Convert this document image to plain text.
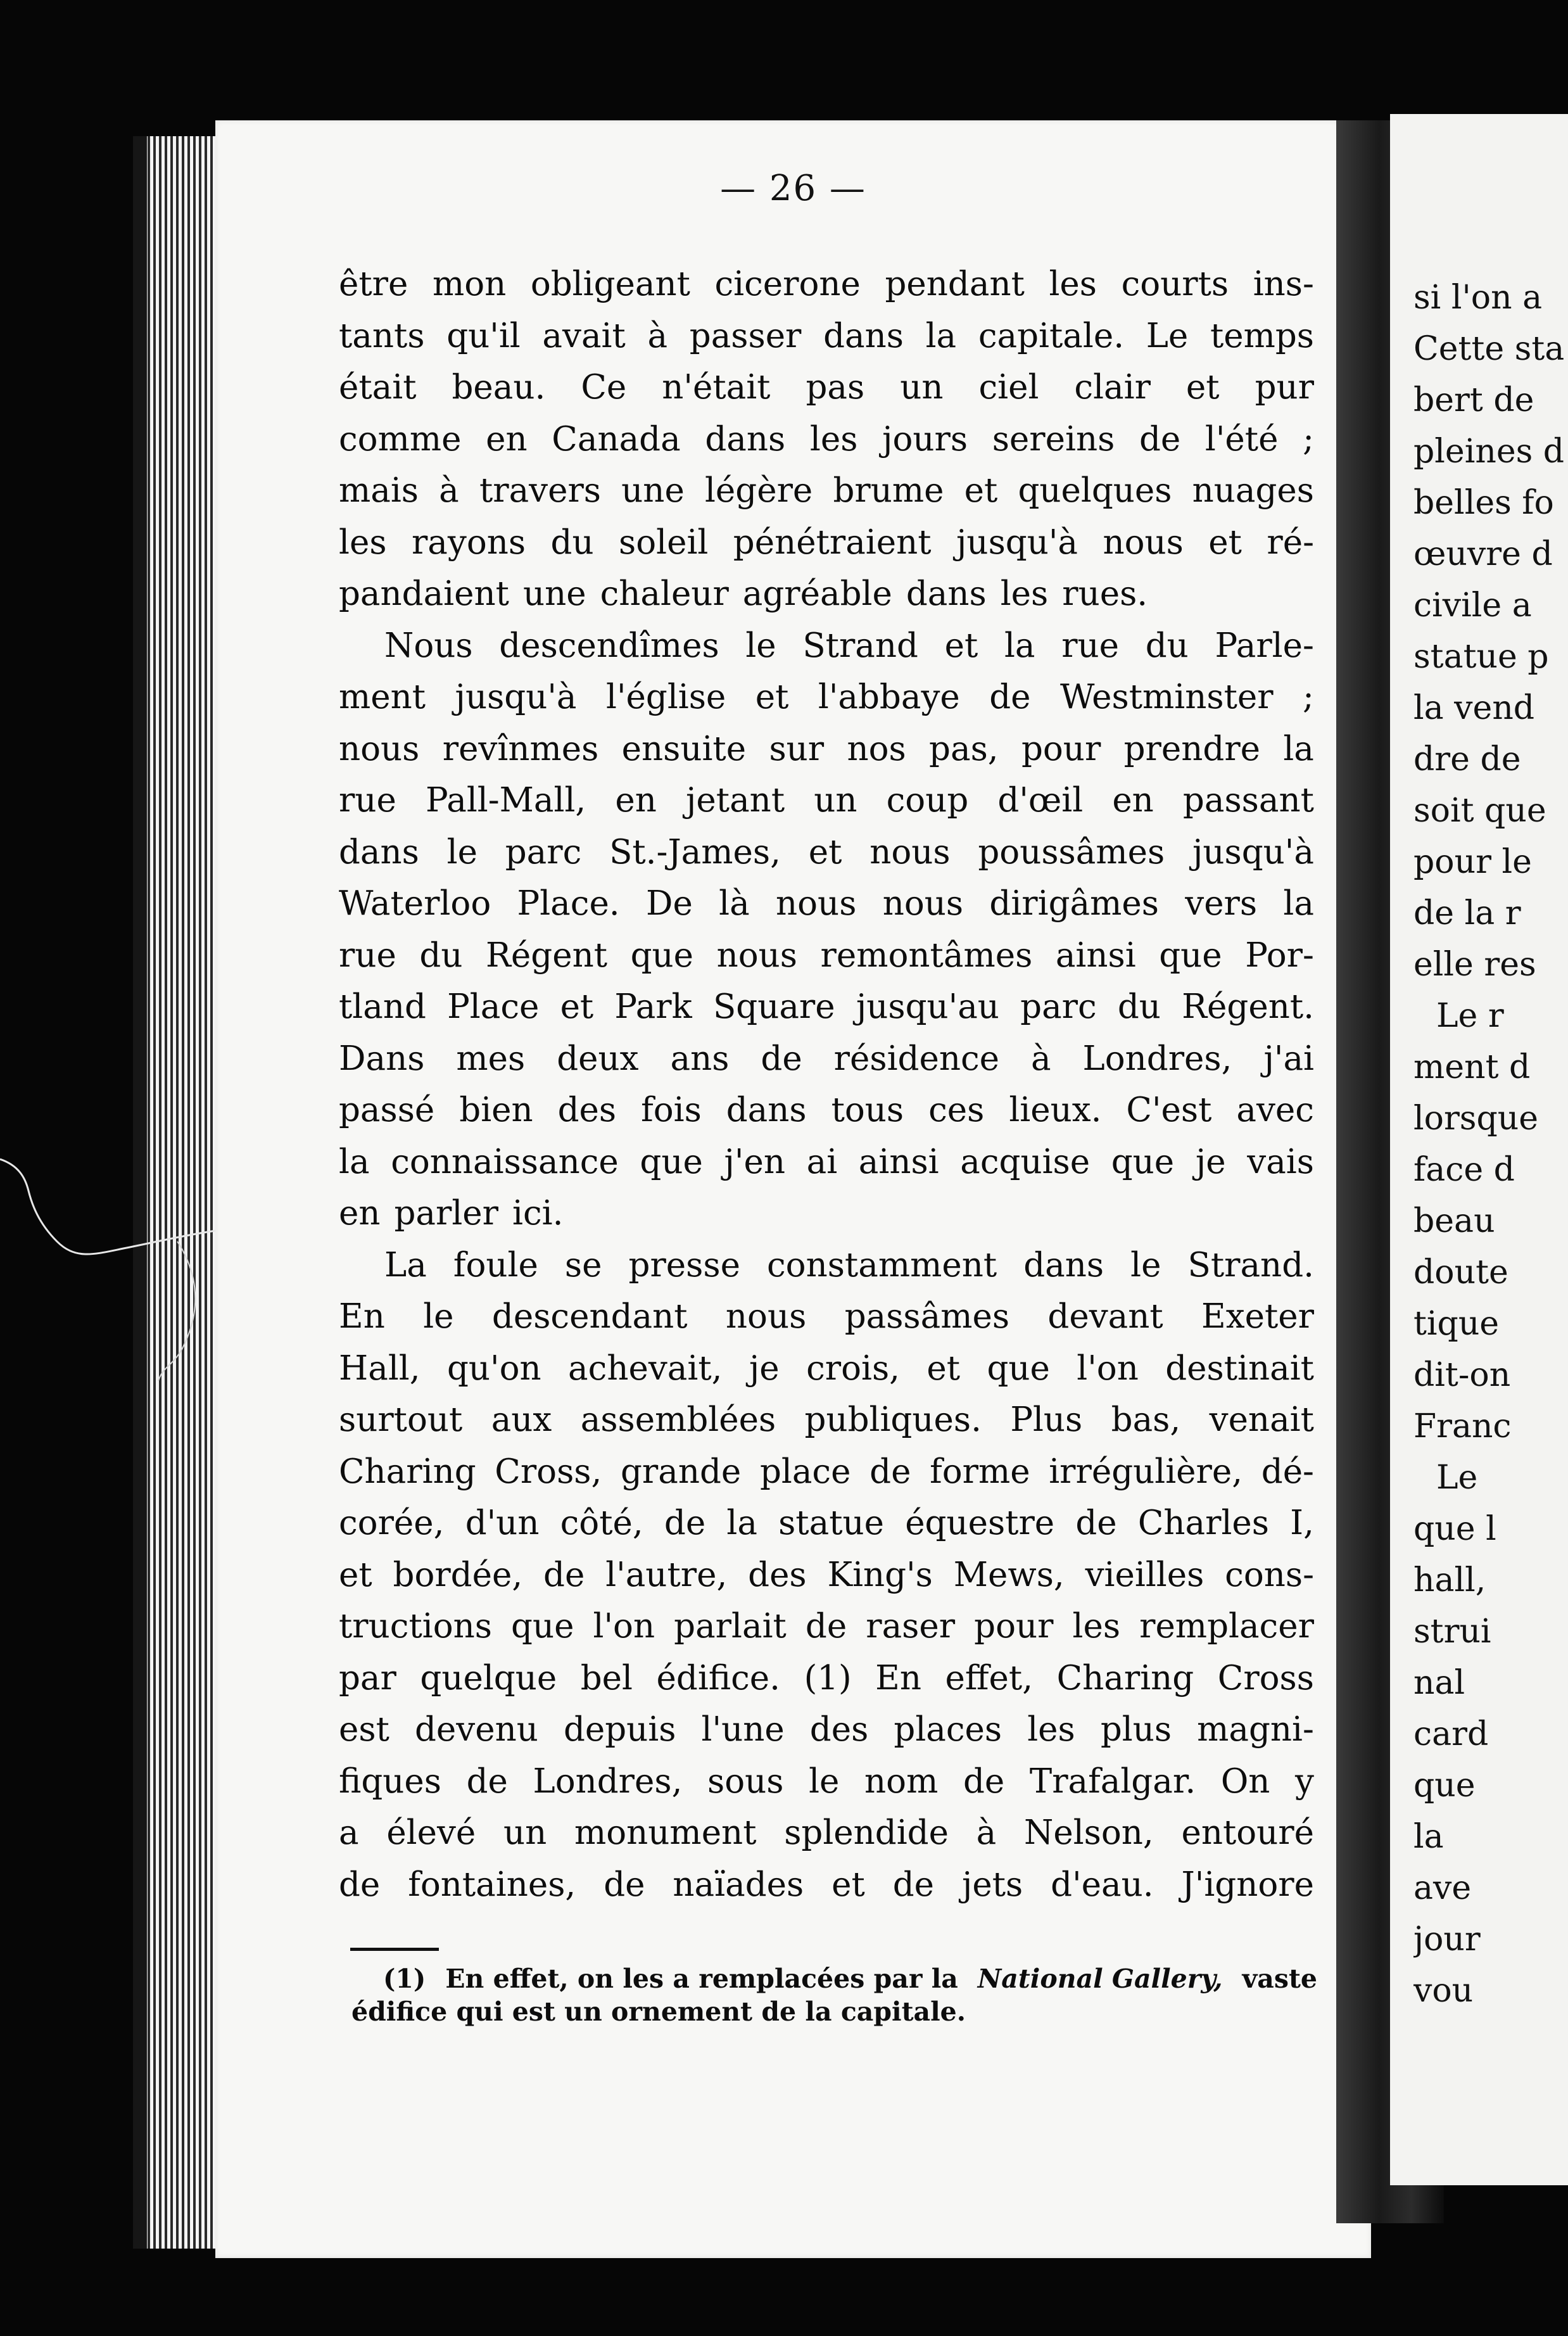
si l'on a
Cette sta
bert de
pleines d
belles fo
œuvre d
civile a
statue p
la vend
dre de
soit que
pour le
de la r
elle res
Le r
ment d
lorsque
face d
beau
doute
tique
dit-on
Franc
Le
que l
hall,
strui
nal
card
que
la
ave
jour
vou
— 26 —
être mon obligeant cicerone pendant les courts ins-
tants qu'il avait à passer dans la capitale. Le temps
était beau. Ce n'était pas un ciel clair et pur
comme en Canada dans les jours sereins de l'été ;
mais à travers une légère brume et quelques nuages
les rayons du soleil pénétraient jusqu'à nous et ré-
pandaient une chaleur agréable dans les rues.
Nous descendîmes le Strand et la rue du Parle-
ment jusqu'à l'église et l'abbaye de Westminster ;
nous revînmes ensuite sur nos pas, pour prendre la
rue Pall-Mall, en jetant un coup d'œil en passant
dans le parc St.-James, et nous poussâmes jusqu'à
Waterloo Place. De là nous nous dirigâmes vers la
rue du Régent que nous remontâmes ainsi que Por-
tland Place et Park Square jusqu'au parc du Régent.
Dans mes deux ans de résidence à Londres, j'ai
passé bien des fois dans tous ces lieux. C'est avec
la connaissance que j'en ai ainsi acquise que je vais
en parler ici.
La foule se presse constamment dans le Strand.
En le descendant nous passâmes devant Exeter
Hall, qu'on achevait, je crois, et que l'on destinait
surtout aux assemblées publiques. Plus bas, venait
Charing Cross, grande place de forme irrégulière, dé-
corée, d'un côté, de la statue équestre de Charles I,
et bordée, de l'autre, des King's Mews, vieilles cons-
tructions que l'on parlait de raser pour les remplacer
par quelque bel édifice. (1) En effet, Charing Cross
est devenu depuis l'une des places les plus magni-
fiques de Londres, sous le nom de Trafalgar. On y
a élevé un monument splendide à Nelson, entouré
de fontaines, de naïades et de jets d'eau. J'ignore
(1) En effet, on les a remplacées par la National Gallery, vaste
édifice qui est un ornement de la capitale.
